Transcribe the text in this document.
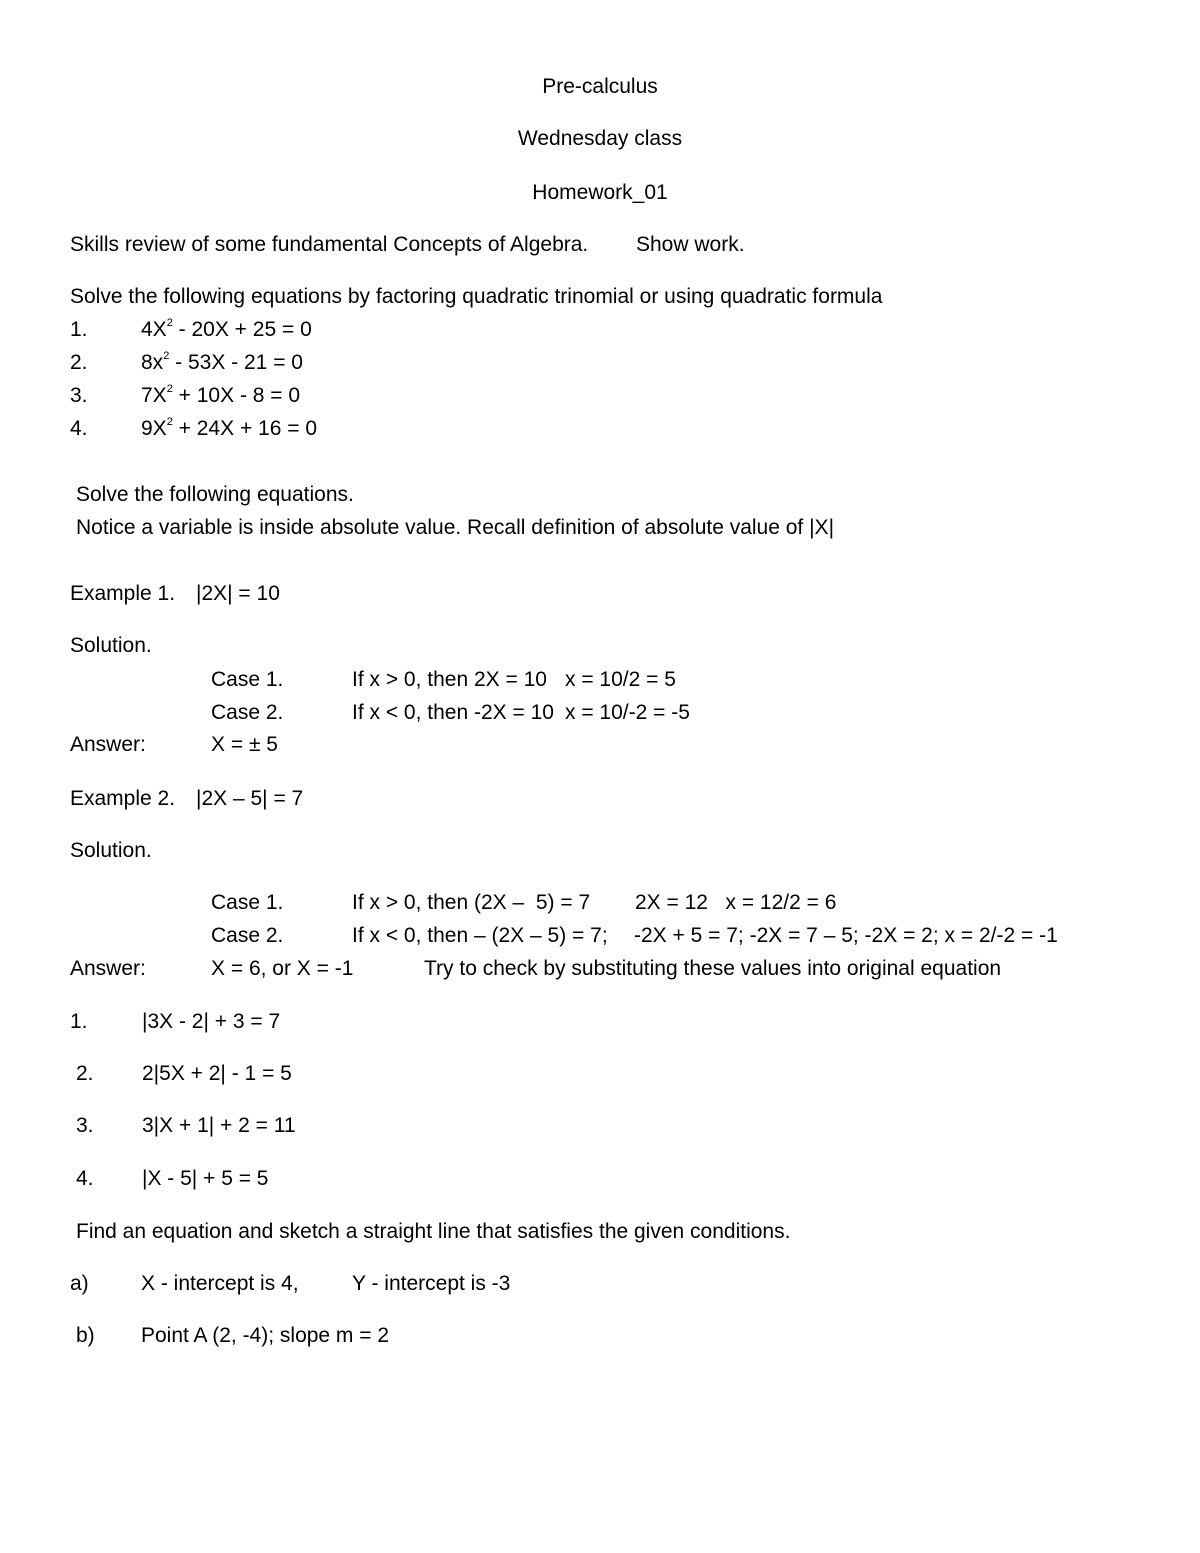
Pre-calculus
Wednesday class
Homework_01
Skills review of some fundamental Concepts of Algebra. Show work.
Solve the following equations by factoring quadratic trinomial or using quadratic formula
1.	$4X^2 - 20X + 25 = 0$
2.	$8x^2 - 53X - 21 = 0$
3.	$7X^2 + 10X - 8 = 0$
4.	$9X^2 + 24X + 16 = 0$
Solve the following equations.
Notice a variable is inside absolute value. Recall definition of absolute value of |X|
Example 1. |2X| = 10
Solution.
Case 1.	If x > 0, then 2X = 10 x = 10/2 = 5
Case 2.	If x < 0, then -2X = 10 x = 10/-2 = -5
Answer:	X = ± 5
Example 2. |2X – 5| = 7
Solution.
Case 1.	If x > 0, then (2X –  5) = 7 2X = 12   x = 12/2 = 6
Case 2.	If x < 0, then – (2X – 5) = 7; -2X + 5 = 7; -2X = 7 – 5; -2X = 2; x = 2/-2 = -1
Answer:	X = 6, or X = -1	Try to check by substituting these values into original equation
1.	|3X - 2| + 3 = 7
2. 2|5X + 2| - 1 = 5
3. 3|X + 1| + 2 = 11
4. |X - 5| + 5 = 5
Find an equation and sketch a straight line that satisfies the given conditions.
a) X - intercept is 4,	Y - intercept is -3
b) Point A (2, -4); slope m = 2
